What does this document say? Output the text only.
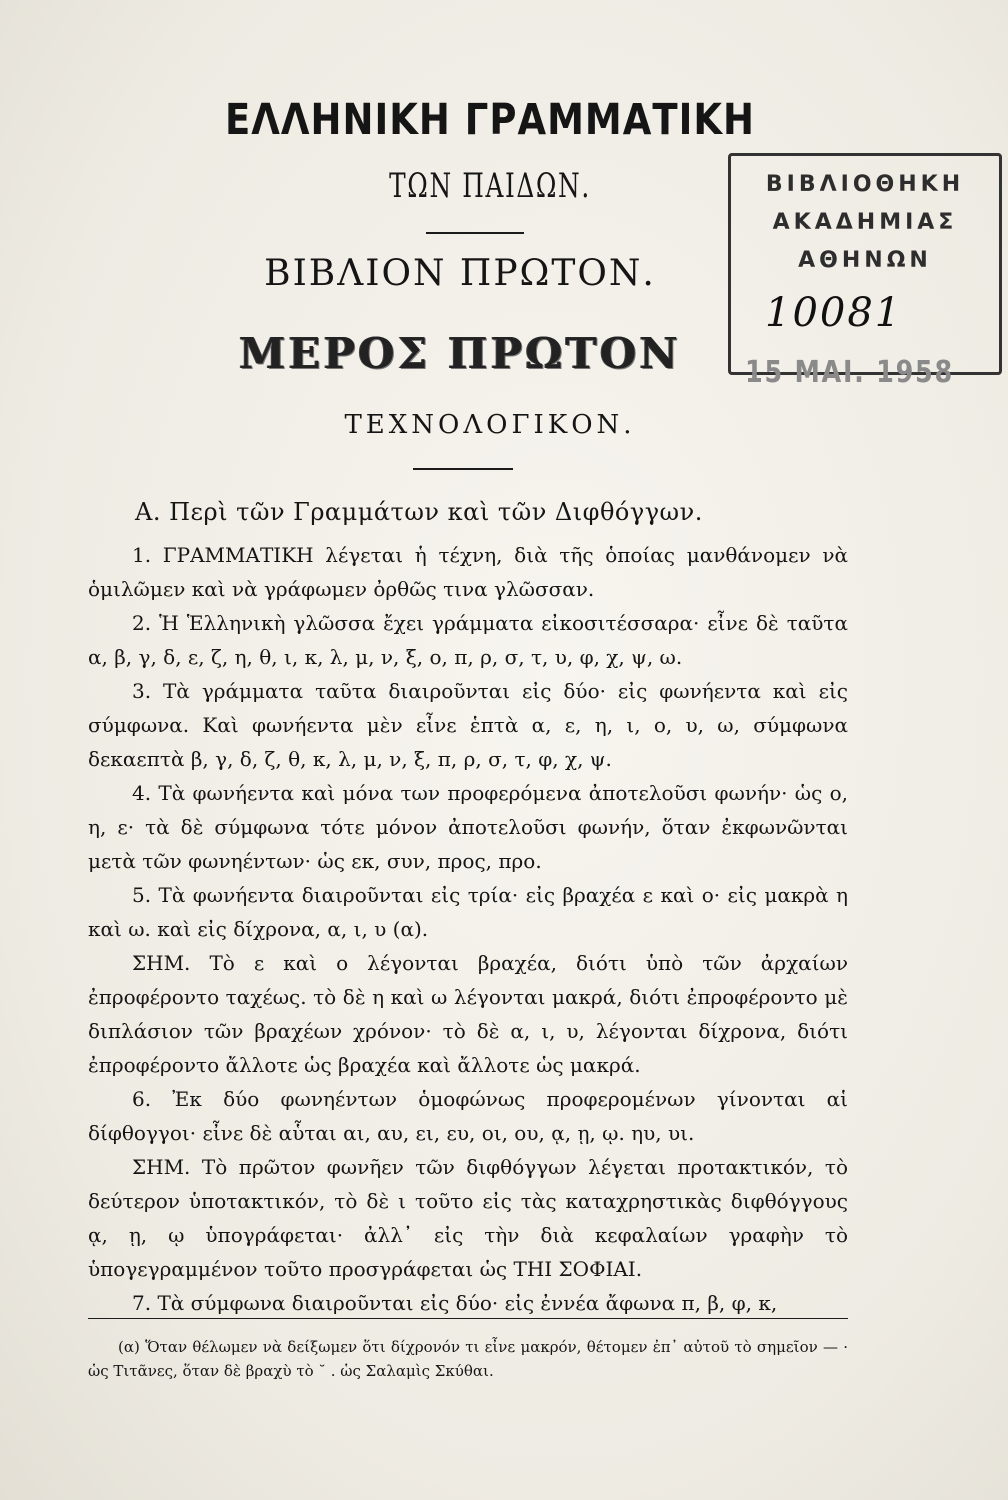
ΕΛΛΗΝΙΚΗ ΓΡΑΜΜΑΤΙΚΗ
ΤΩΝ ΠΑΙΔΩΝ.
ΒΙΒΛΙΟΝ ΠΡΩΤΟΝ.
ΜΕΡΟΣ ΠΡΩΤΟΝ
ΤΕΧΝΟΛΟΓΙΚΟΝ.
ΒΙΒΛΙΟΘΗΚΗ
ΑΚΑΔΗΜΙΑΣ
ΑΘΗΝΩΝ
10081
15 MAI. 1958
Α. Περὶ τῶν Γραμμάτων καὶ τῶν Διφθόγγων.

1. ΓΡΑΜΜΑΤΙΚΗ λέγεται ἡ τέχνη, διὰ τῆς ὁποίας μανθάνομεν νὰ ὁμιλῶμεν καὶ νὰ γράφωμεν ὀρθῶς τινα γλῶσσαν.

2. Ἡ Ἑλληνικὴ γλῶσσα ἔχει γράμματα εἰκοσιτέσσαρα· εἶνε δὲ ταῦτα α, β, γ, δ, ε, ζ, η, θ, ι, κ, λ, μ, ν, ξ, ο, π, ρ, σ, τ, υ, φ, χ, ψ, ω.

3. Τὰ γράμματα ταῦτα διαιροῦνται εἰς δύο· εἰς φωνήεντα καὶ εἰς σύμφωνα. Καὶ φωνήεντα μὲν εἶνε ἑπτὰ α, ε, η, ι, ο, υ, ω, σύμφωνα δεκαεπτὰ β, γ, δ, ζ, θ, κ, λ, μ, ν, ξ, π, ρ, σ, τ, φ, χ, ψ.

4. Τὰ φωνήεντα καὶ μόνα των προφερόμενα ἀποτελοῦσι φωνήν· ὡς ο, η, ε· τὰ δὲ σύμφωνα τότε μόνον ἀποτελοῦσι φωνήν, ὅταν ἐκφωνῶνται μετὰ τῶν φωνηέντων· ὡς εκ, συν, προς, προ.

5. Τὰ φωνήεντα διαιροῦνται εἰς τρία· εἰς βραχέα ε καὶ ο· εἰς μακρὰ η καὶ ω. καὶ εἰς δίχρονα, α, ι, υ (α).

ΣΗΜ. Τὸ ε καὶ ο λέγονται βραχέα, διότι ὑπὸ τῶν ἀρχαίων ἐπροφέροντο ταχέως. τὸ δὲ η καὶ ω λέγονται μακρά, διότι ἐπροφέροντο μὲ διπλάσιον τῶν βραχέων χρόνον· τὸ δὲ α, ι, υ, λέγονται δίχρονα, διότι ἐπροφέροντο ἄλλοτε ὡς βραχέα καὶ ἄλλοτε ὡς μακρά.

6. Ἐκ δύο φωνηέντων ὁμοφώνως προφερομένων γίνονται αἱ δίφθογγοι· εἶνε δὲ αὗται αι, αυ, ει, ευ, οι, ου, ᾳ, ῃ, ῳ. ηυ, υι.

ΣΗΜ. Τὸ πρῶτον φωνῆεν τῶν διφθόγγων λέγεται προτακτικόν, τὸ δεύτερον ὑποτακτικόν, τὸ δὲ ι τοῦτο εἰς τὰς καταχρηστικὰς διφθόγγους ᾳ, ῃ, ῳ ὑπογράφεται· ἀλλ᾽ εἰς τὴν διὰ κεφαλαίων γραφὴν τὸ ὑπογεγραμμένον τοῦτο προσγράφεται ὡς ΤΗΙ ΣΟΦΙΑΙ.

7. Τὰ σύμφωνα διαιροῦνται εἰς δύο· εἰς ἐννέα ἄφωνα π, β, φ, κ,

(α) Ὅταν θέλωμεν νὰ δείξωμεν ὅτι δίχρονόν τι εἶνε μακρόν, θέτομεν ἐπ᾽ αὐτοῦ τὸ σημεῖον — · ὡς Τιτᾶνες, ὅταν δὲ βραχὺ τὸ ˘ . ὡς Σαλαμὶς Σκύθαι.
